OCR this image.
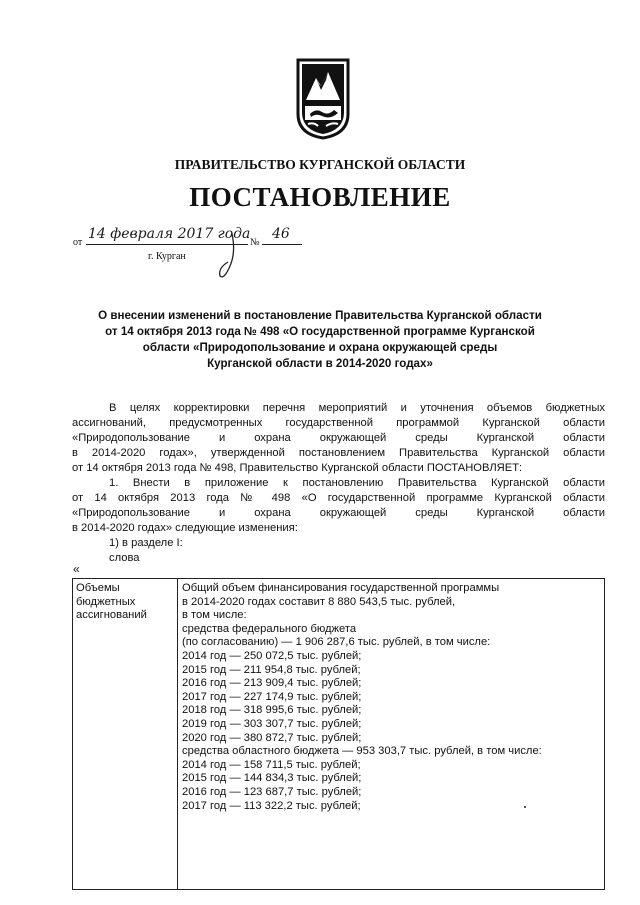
ПРАВИТЕЛЬСТВО КУРГАНСКОЙ ОБЛАСТИ
ПОСТАНОВЛЕНИЕ
от
14 февраля 2017 года
№
46
г. Курган
О внесении изменений в постановление Правительства Курганской области
от 14 октября 2013 года № 498 «О государственной программе Курганской
области «Природопользование и охрана окружающей среды
Курганской области в 2014-2020 годах»
В целях корректировки перечня мероприятий и уточнения объемов бюджетных
ассигнований, предусмотренных государственной программой Курганской области
«Природопользование и охрана окружающей среды Курганской области
в 2014-2020 годах», утвержденной постановлением Правительства Курганской области
от 14 октября 2013 года № 498, Правительство Курганской области ПОСТАНОВЛЯЕТ:
1. Внести в приложение к постановлению Правительства Курганской области
от 14 октября 2013 года № 498 «О государственной программе Курганской области
«Природопользование и охрана окружающей среды Курганской области
в 2014-2020 годах» следующие изменения:
1) в разделе I:
слова
«
Объемы
бюджетных
ассигнований
Общий объем финансирования государственной программы
в 2014-2020 годах составит 8 880 543,5 тыс. рублей,
в том числе:
средства федерального бюджета
(по согласованию) — 1 906 287,6 тыс. рублей, в том числе:
2014 год — 250 072,5 тыс. рублей;
2015 год — 211 954,8 тыс. рублей;
2016 год — 213 909,4 тыс. рублей;
2017 год — 227 174,9 тыс. рублей;
2018 год — 318 995,6 тыс. рублей;
2019 год — 303 307,7 тыс. рублей;
2020 год — 380 872,7 тыс. рублей;
средства областного бюджета — 953 303,7 тыс. рублей, в том числе:
2014 год — 158 711,5 тыс. рублей;
2015 год — 144 834,3 тыс. рублей;
2016 год — 123 687,7 тыс. рублей;
2017 год — 113 322,2 тыс. рублей;
